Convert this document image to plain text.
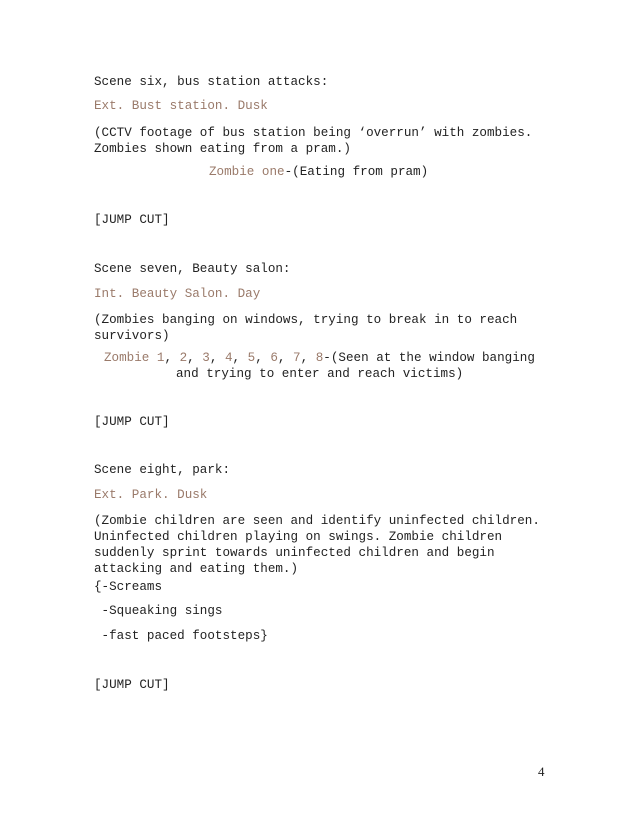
Scene six, bus station attacks:
Ext. Bust station. Dusk
(CCTV footage of bus station being ‘overrun’ with zombies.
Zombies shown eating from a pram.)
Zombie one-(Eating from pram)
[JUMP CUT]
Scene seven, Beauty salon:
Int. Beauty Salon. Day
(Zombies banging on windows, trying to break in to reach
survivors)
Zombie 1, 2, 3, 4, 5, 6, 7, 8-(Seen at the window banging
and trying to enter and reach victims)
[JUMP CUT]
Scene eight, park:
Ext. Park. Dusk
(Zombie children are seen and identify uninfected children.
Uninfected children playing on swings. Zombie children
suddenly sprint towards uninfected children and begin
attacking and eating them.)
{-Screams
-Squeaking sings
-fast paced footsteps}
[JUMP CUT]
4
